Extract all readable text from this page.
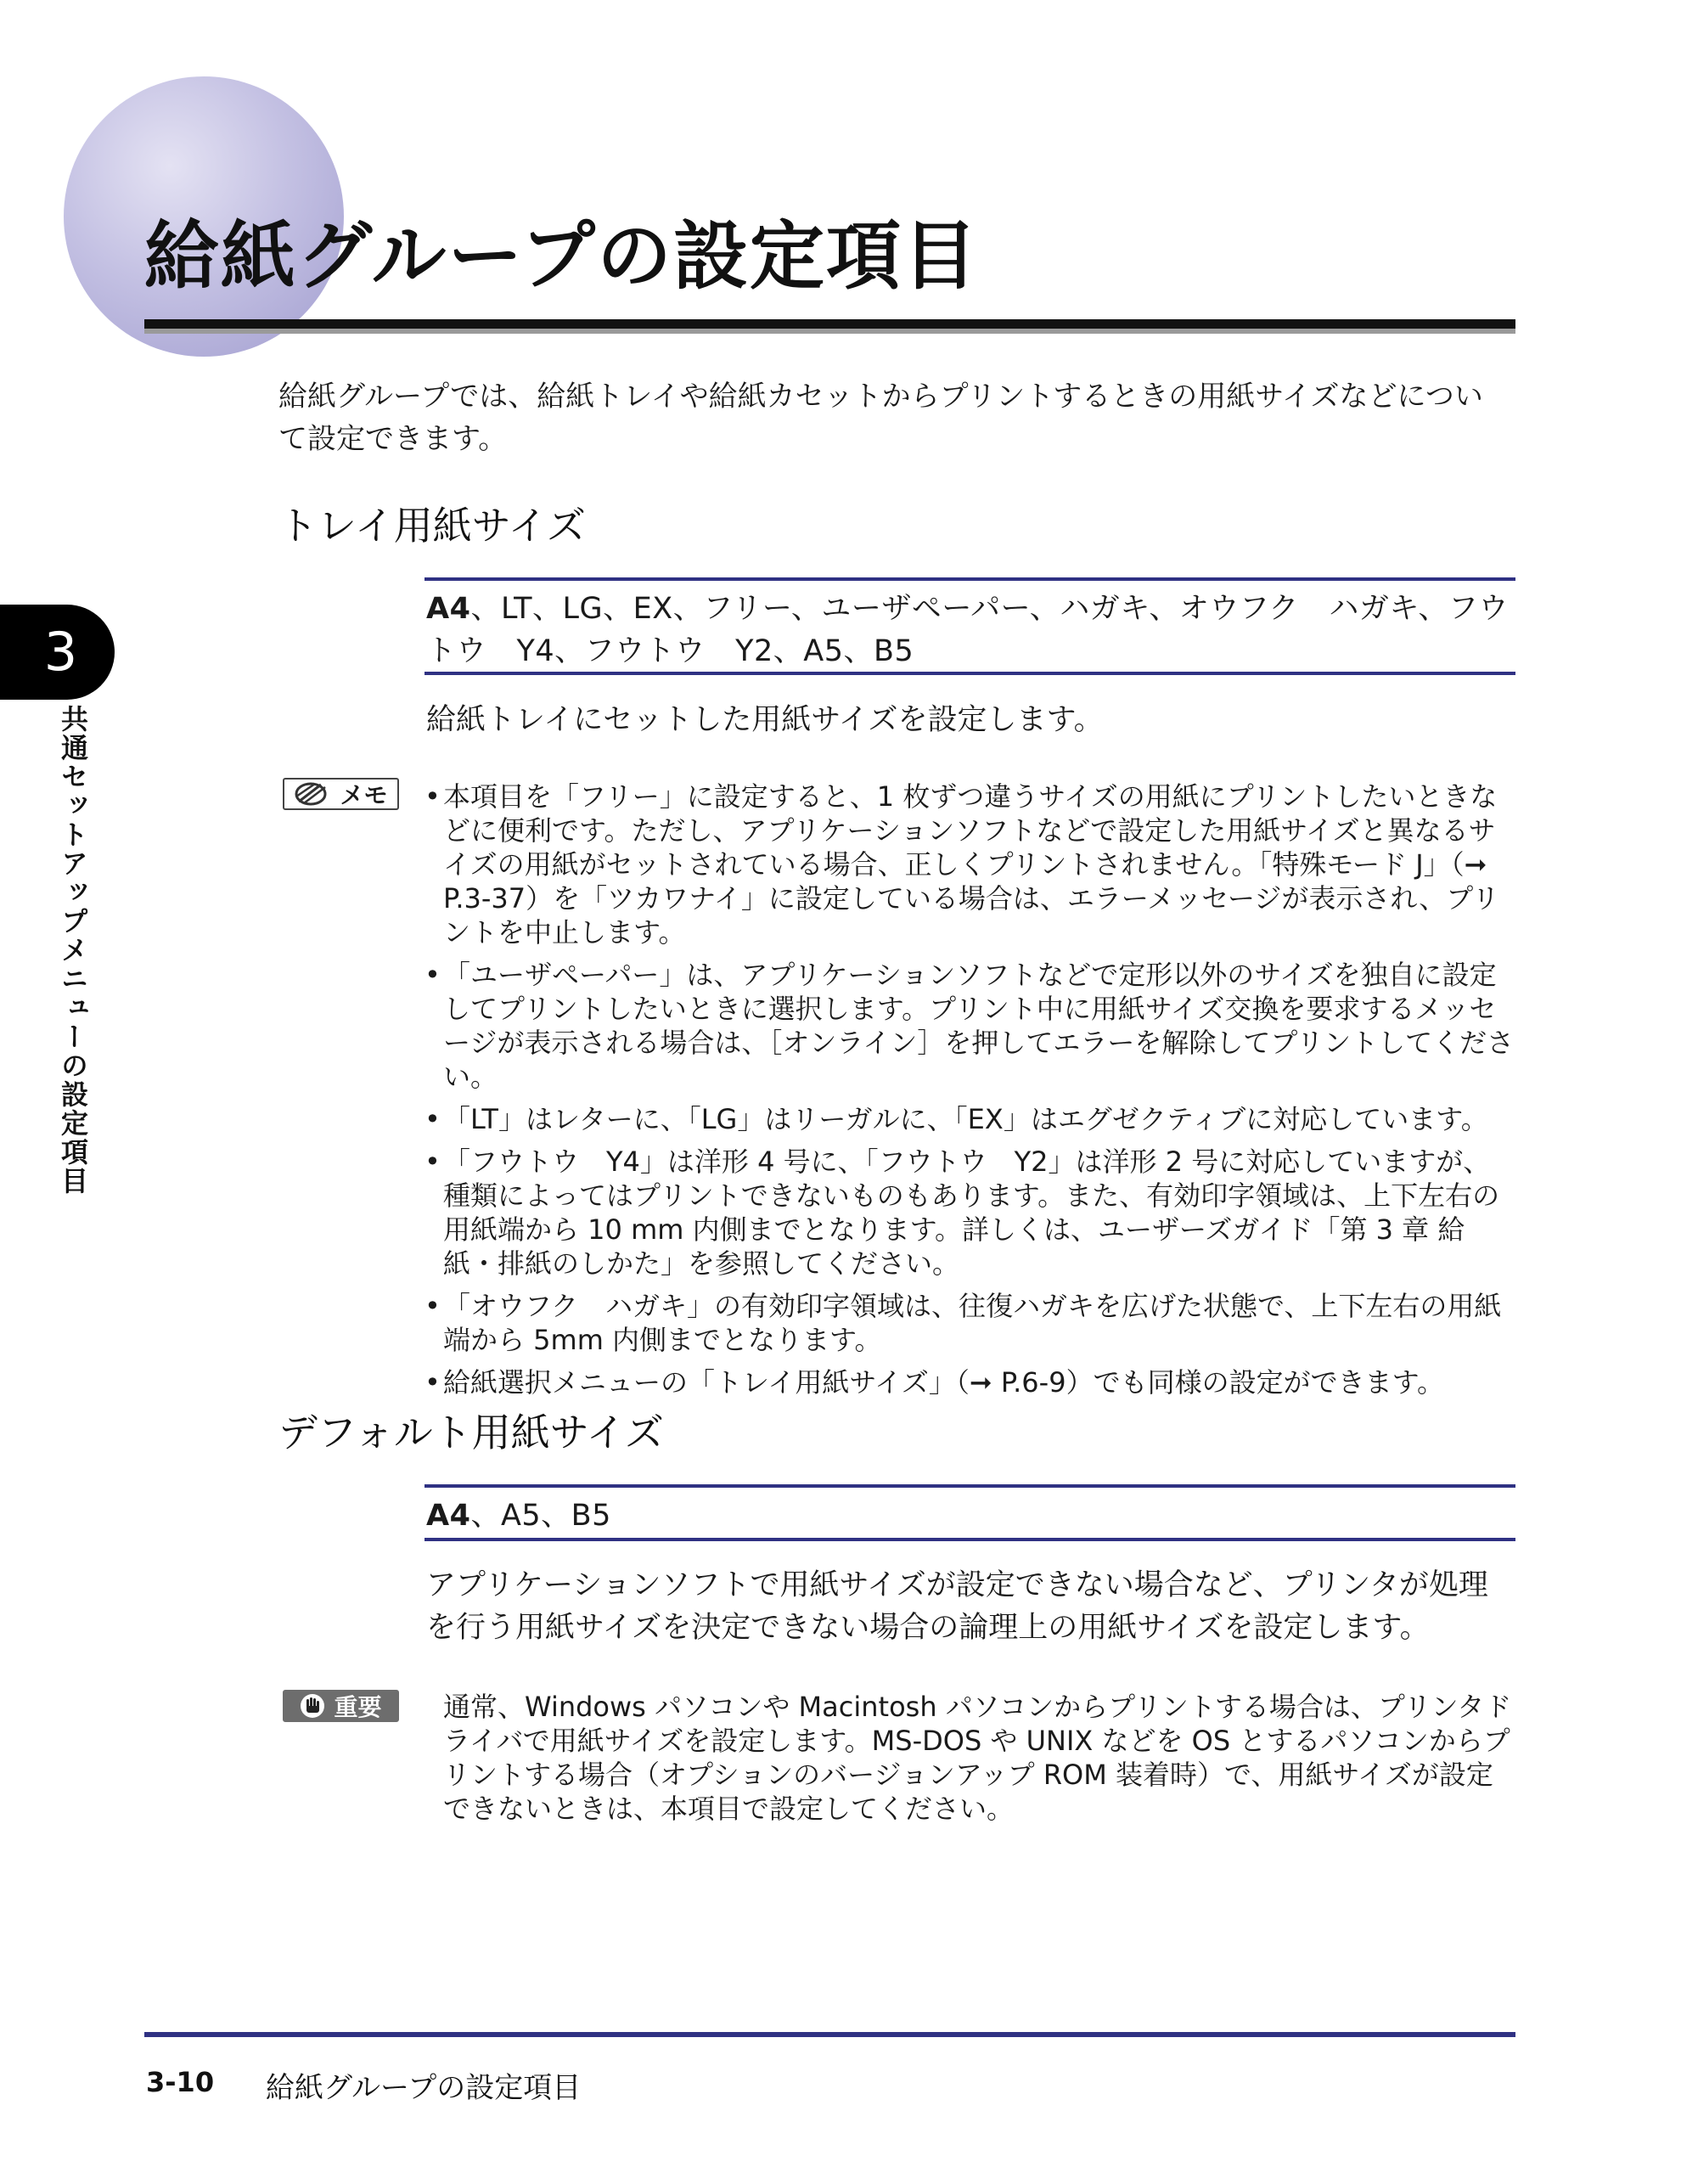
給紙グループの設定項目

給紙グループでは、給紙トレイや給紙カセットからプリントするときの用紙サイズなどについて設定できます。

トレイ用紙サイズ

A4、LT、LG、EX、フリー、ユーザペーパー、ハガキ、オウフク　ハガキ、フウトウ　Y4、フウトウ　Y2、A5、B5

給紙トレイにセットした用紙サイズを設定します。

メモ • 本項目を「フリー」に設定すると、1 枚ずつ違うサイズの用紙にプリントしたいときなどに便利です。ただし、アプリケーションソフトなどで設定した用紙サイズと異なるサイズの用紙がセットされている場合、正しくプリントされません。「特殊モード J」（➞ P.3-37）を「ツカワナイ」に設定している場合は、エラーメッセージが表示され、プリントを中止します。
• 「ユーザペーパー」は、アプリケーションソフトなどで定形以外のサイズを独自に設定してプリントしたいときに選択します。プリント中に用紙サイズ交換を要求するメッセージが表示される場合は、［オンライン］を押してエラーを解除してプリントしてください。
• 「LT」はレターに、「LG」はリーガルに、「EX」はエグゼクティブに対応しています。
• 「フウトウ　Y4」は洋形 4 号に、「フウトウ　Y2」は洋形 2 号に対応していますが、種類によってはプリントできないものもあります。また、有効印字領域は、上下左右の用紙端から 10 mm 内側までとなります。詳しくは、ユーザーズガイド「第 3 章 給紙・排紙のしかた」を参照してください。
• 「オウフク　ハガキ」の有効印字領域は、往復ハガキを広げた状態で、上下左右の用紙端から 5mm 内側までとなります。
• 給紙選択メニューの「トレイ用紙サイズ」（➞ P.6-9）でも同様の設定ができます。
デフォルト用紙サイズ

A4、A5、B5

アプリケーションソフトで用紙サイズが設定できない場合など、プリンタが処理を行う用紙サイズを決定できない場合の論理上の用紙サイズを設定します。

重要 通常、Windows パソコンや Macintosh パソコンからプリントする場合は、プリンタドライバで用紙サイズを設定します。MS-DOS や UNIX などを OS とするパソコンからプリントする場合（オプションのバージョンアップ ROM 装着時）で、用紙サイズが設定できないときは、本項目で設定してください。

3

共通セットアップメニューの設定項目

3-10 給紙グループの設定項目
